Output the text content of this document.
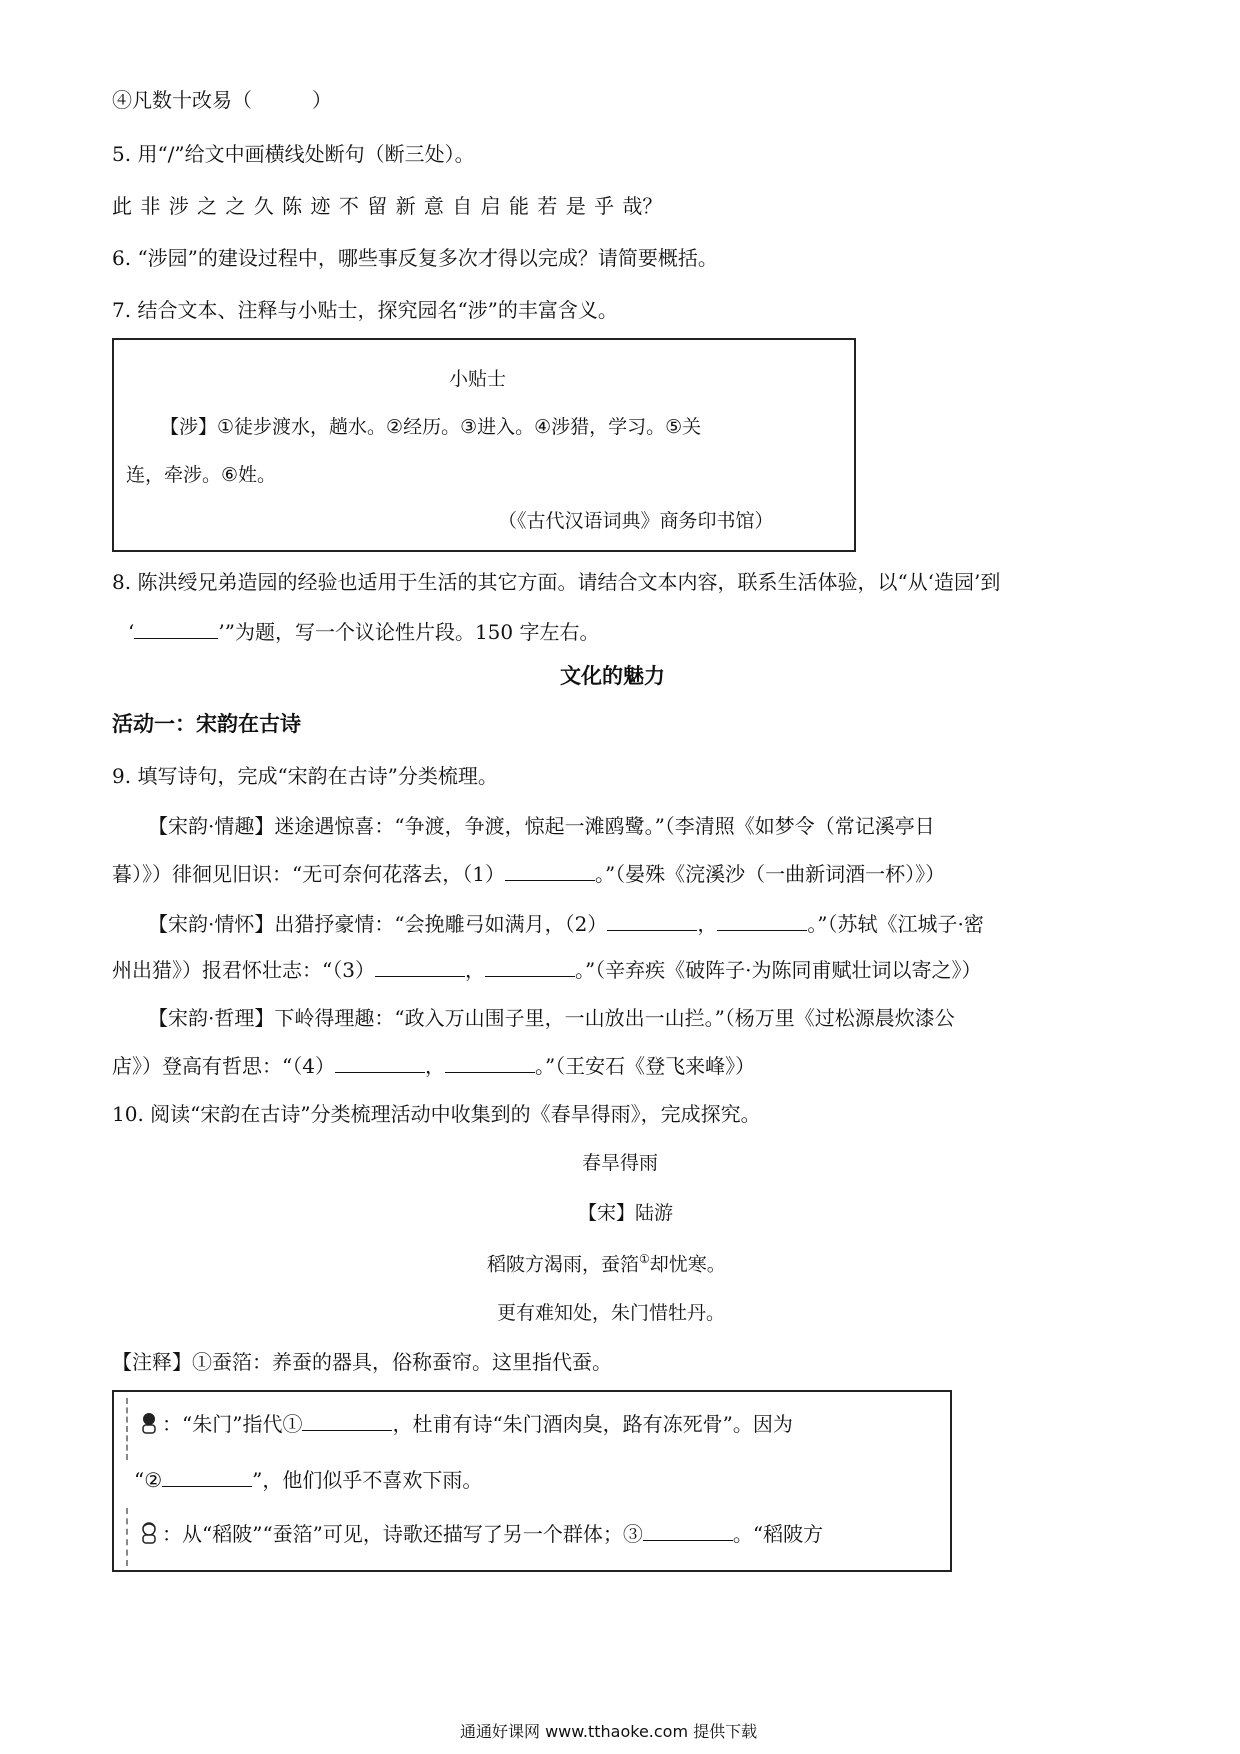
④凡数十改易（　　　）
5. 用“/”给文中画横线处断句（断三处）。
此 非 涉 之 之 久 陈 迹 不 留 新 意 自 启 能 若 是 乎 哉？
6. “涉园”的建设过程中，哪些事反复多次才得以完成？请简要概括。
7. 结合文本、注释与小贴士，探究园名“涉”的丰富含义。
小贴士
【涉】①徒步渡水，趟水。②经历。③进入。④涉猎，学习。⑤关
连，牵涉。⑥姓。
（《古代汉语词典》商务印书馆）
8. 陈洪绶兄弟造园的经验也适用于生活的其它方面。请结合文本内容，联系生活体验，以“从‘造园’到
‘	’”为题，写一个议论性片段。150 字左右。
文化的魅力
活动一：宋韵在古诗
9. 填写诗句，完成“宋韵在古诗”分类梳理。
【宋韵·情趣】迷途遇惊喜：“争渡，争渡，惊起一滩鸥鹭。”（李清照《如梦令（常记溪亭日
暮）》）徘徊见旧识：“无可奈何花落去，（1）	。”（晏殊《浣溪沙（一曲新词酒一杯）》）
【宋韵·情怀】出猎抒豪情：“会挽雕弓如满月，（2）	，	。”（苏轼《江城子·密
州出猎》）报君怀壮志：“（3）	，	。”（辛弃疾《破阵子·为陈同甫赋壮词以寄之》）
【宋韵·哲理】下岭得理趣：“政入万山围子里，一山放出一山拦。”（杨万里《过松源晨炊漆公
店》）登高有哲思：“（4）	，	。”（王安石《登飞来峰》）
10. 阅读“宋韵在古诗”分类梳理活动中收集到的《春旱得雨》，完成探究。
春旱得雨
【宋】陆游
稻陂方渴雨，蚕箔①却忧寒。
更有难知处，朱门惜牡丹。
【注释】①蚕箔：养蚕的器具，俗称蚕帘。这里指代蚕。
：“朱门”指代①	，杜甫有诗“朱门酒肉臭，路有冻死骨”。因为
“②	”，他们似乎不喜欢下雨。
：从“稻陂”“蚕箔”可见，诗歌还描写了另一个群体；③	。“稻陂方
通通好课网 www.tthaoke.com 提供下载
